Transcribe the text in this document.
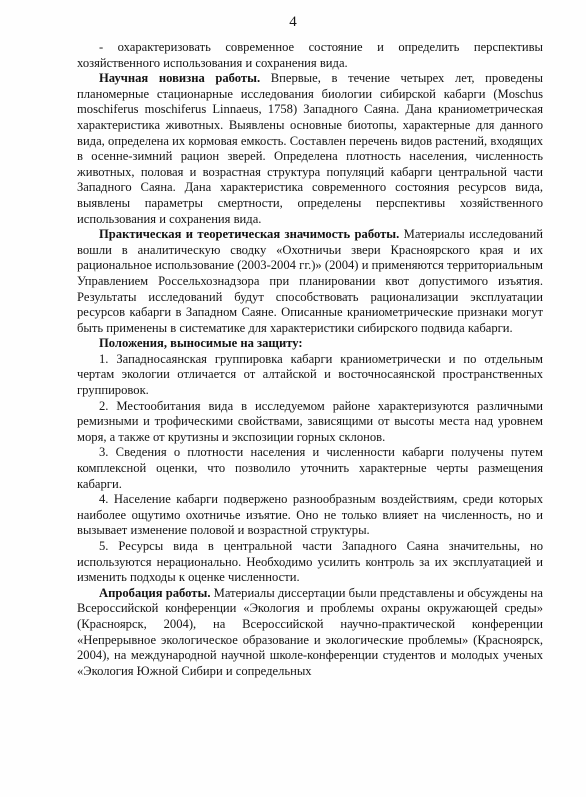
4

- охарактеризовать современное состояние и определить перспективы хозяйственного использования и сохранения вида.

Научная новизна работы. Впервые, в течение четырех лет, проведены планомерные стационарные исследования биологии сибирской кабарги (Moschus moschiferus moschiferus Linnaeus, 1758) Западного Саяна. Дана краниометрическая характеристика животных. Выявлены основные биотопы, характерные для данного вида, определена их кормовая емкость. Составлен перечень видов растений, входящих в осенне-зимний рацион зверей. Определена плотность населения, численность животных, половая и возрастная структура популяций кабарги центральной части Западного Саяна. Дана характеристика современного состояния ресурсов вида, выявлены параметры смертности, определены перспективы хозяйственного использования и сохранения вида.

Практическая и теоретическая значимость работы. Материалы исследований вошли в аналитическую сводку «Охотничьи звери Красноярского края и их рациональное использование (2003-2004 гг.)» (2004) и применяются территориальным Управлением Россельхознадзора при планировании квот допустимого изъятия. Результаты исследований будут способствовать рационализации эксплуатации ресурсов кабарги в Западном Саяне. Описанные краниометрические признаки могут быть применены в систематике для характеристики сибирского подвида кабарги.

Положения, выносимые на защиту:

1. Западносаянская группировка кабарги краниометрически и по отдельным чертам экологии отличается от алтайской и восточносаянской пространственных группировок.

2. Местообитания вида в исследуемом районе характеризуются различными ремизными и трофическими свойствами, зависящими от высоты места над уровнем моря, а также от крутизны и экспозиции горных склонов.

3. Сведения о плотности населения и численности кабарги получены путем комплексной оценки, что позволило уточнить характерные черты размещения кабарги.

4. Население кабарги подвержено разнообразным воздействиям, среди которых наиболее ощутимо охотничье изъятие. Оно не только влияет на численность, но и вызывает изменение половой и возрастной структуры.

5. Ресурсы вида в центральной части Западного Саяна значительны, но используются нерационально. Необходимо усилить контроль за их эксплуатацией и изменить подходы к оценке численности.

Апробация работы. Материалы диссертации были представлены и обсуждены на Всероссийской конференции «Экология и проблемы охраны окружающей среды» (Красноярск, 2004), на Всероссийской научно-практической конференции «Непрерывное экологическое образование и экологические проблемы» (Красноярск, 2004), на международной научной школе-конференции студентов и молодых ученых «Экология Южной Сибири и сопредельных
